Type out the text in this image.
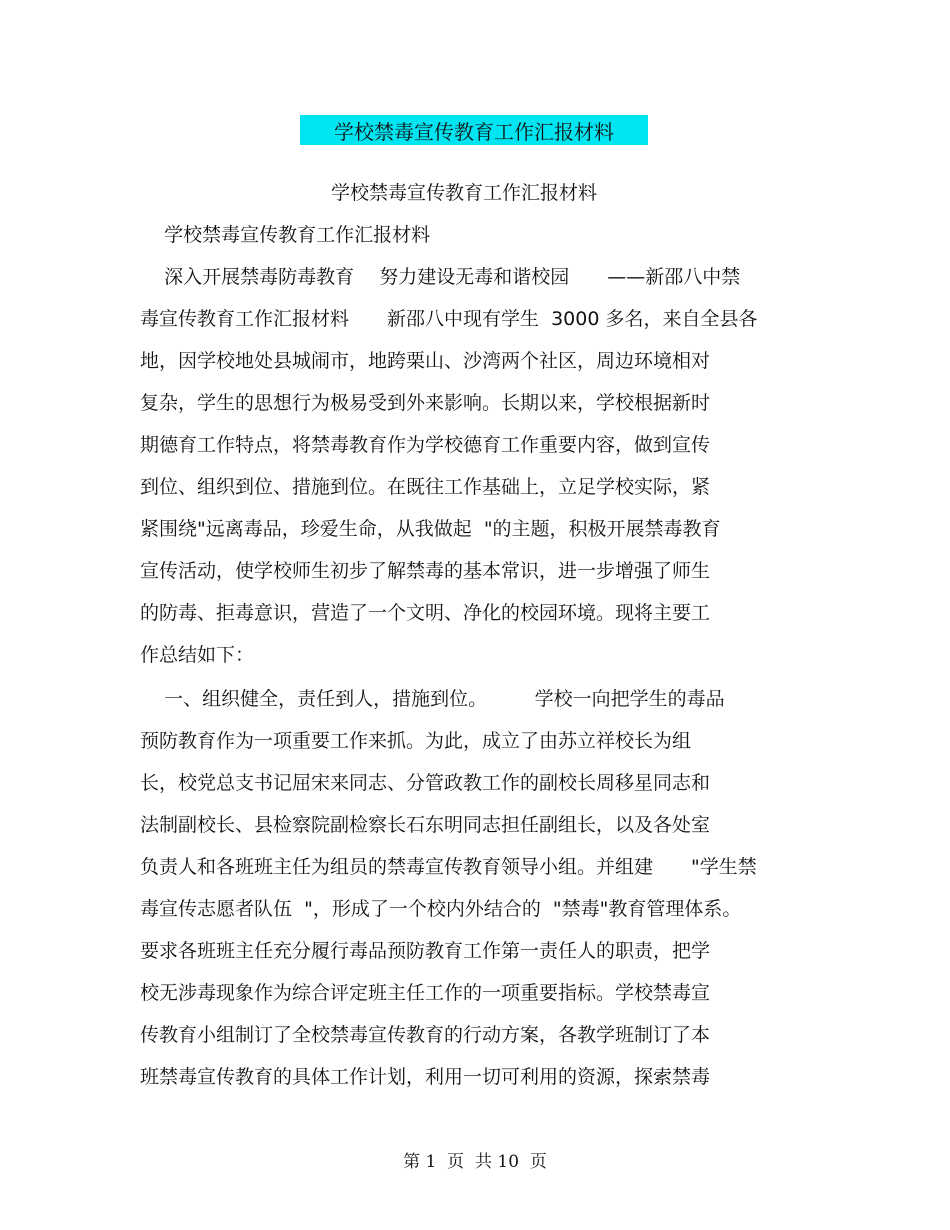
学校禁毒宣传教育工作汇报材料
学校禁毒宣传教育工作汇报材料
学校禁毒宣传教育工作汇报材料
深入开展禁毒防毒教育　 努力建设无毒和谐校园　　——新邵八中禁
毒宣传教育工作汇报材料　　新邵八中现有学生  3000 多名，来自全县各
地，因学校地处县城闹市，地跨栗山、沙湾两个社区，周边环境相对
复杂，学生的思想行为极易受到外来影响。长期以来，学校根据新时
期德育工作特点，将禁毒教育作为学校德育工作重要内容，做到宣传
到位、组织到位、措施到位。在既往工作基础上，立足学校实际，紧
紧围绕"远离毒品，珍爱生命，从我做起  "的主题，积极开展禁毒教育
宣传活动，使学校师生初步了解禁毒的基本常识，进一步增强了师生
的防毒、拒毒意识，营造了一个文明、净化的校园环境。现将主要工
作总结如下：
一、组织健全，责任到人，措施到位。　　　学校一向把学生的毒品
预防教育作为一项重要工作来抓。为此，成立了由苏立祥校长为组
长，校党总支书记屈宋来同志、分管政教工作的副校长周移星同志和
法制副校长、县检察院副检察长石东明同志担任副组长，以及各处室
负责人和各班班主任为组员的禁毒宣传教育领导小组。并组建　　"学生禁
毒宣传志愿者队伍  "，形成了一个校内外结合的  "禁毒"教育管理体系。
要求各班班主任充分履行毒品预防教育工作第一责任人的职责，把学
校无涉毒现象作为综合评定班主任工作的一项重要指标。学校禁毒宣
传教育小组制订了全校禁毒宣传教育的行动方案，各教学班制订了本
班禁毒宣传教育的具体工作计划，利用一切可利用的资源，探索禁毒
第 1  页  共 10  页
